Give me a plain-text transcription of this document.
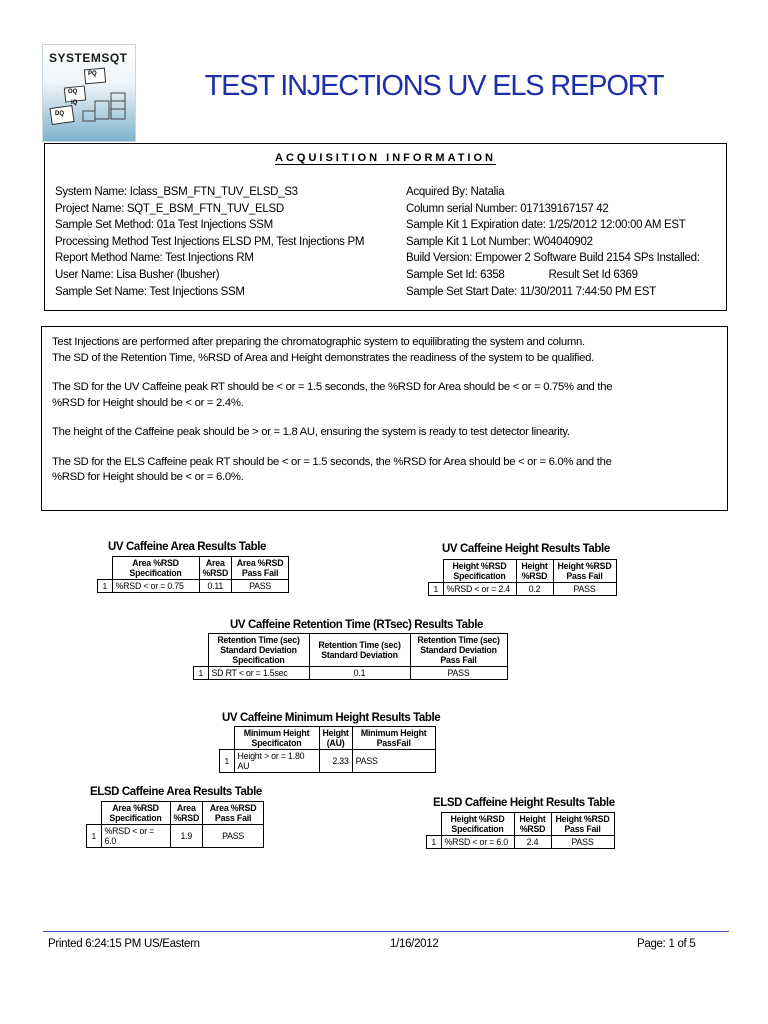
SYSTEMSQT
PQ
OQ
IQ
DQ
TEST INJECTIONS UV ELS REPORT
ACQUISITION INFORMATION
System Name: Iclass_BSM_FTN_TUV_ELSD_S3
Project Name: SQT_E_BSM_FTN_TUV_ELSD
Sample Set Method: 01a Test Injections SSM
Processing Method Test Injections ELSD PM, Test Injections PM
Report Method Name: Test Injections RM
User Name: Lisa Busher (lbusher)
Sample Set Name: Test Injections SSM
Acquired By: Natalia
Column serial Number: 017139167157 42
Sample Kit 1 Expiration date: 1/25/2012 12:00:00 AM EST
Sample Kit 1 Lot Number: W04040902
Build Version: Empower 2 Software Build 2154 SPs Installed:
Sample Set Id: 6358	Result Set Id 6369
Sample Set Start Date: 11/30/2011 7:44:50 PM EST

Test Injections are performed after preparing the chromatographic system to equilibrating the system and column.
The SD of the Retention Time, %RSD of Area and Height demonstrates the readiness of the system to be qualified.

The SD for the UV Caffeine peak RT should be < or = 1.5 seconds, the %RSD for Area should be < or = 0.75% and the
%RSD for Height should be < or = 2.4%.

The height of the Caffeine peak should be > or = 1.8 AU, ensuring the system is ready to test detector linearity.

The SD for the ELS Caffeine peak RT should be < or = 1.5 seconds, the %RSD for Area should be < or = 6.0% and the
%RSD for Height should be < or = 6.0%.

UV Caffeine Area Results Table
	Area %RSD Specification	Area %RSD	Area %RSD Pass Fail
1	%RSD < or = 0.75	0.11	PASS
UV Caffeine Height Results Table
	Height %RSD Specification	Height %RSD	Height %RSD Pass Fail
1	%RSD < or = 2.4	0.2	PASS
UV Caffeine Retention Time (RTsec) Results Table
	Retention Time (sec) Standard Deviation Specification	Retention Time (sec) Standard Deviation	Retention Time (sec) Standard Deviation Pass Fail
1	SD RT < or = 1.5sec	0.1	PASS
UV Caffeine Minimum Height Results Table
	Minimum Height Specificaton	Height (AU)	Minimum Height PassFail
1	Height > or = 1.80 AU	2.33	PASS
ELSD Caffeine Area Results Table
	Area %RSD Specification	Area %RSD	Area %RSD Pass Fail
1	%RSD < or = 6.0	1.9	PASS
ELSD Caffeine Height Results Table
	Height %RSD Specification	Height %RSD	Height %RSD Pass Fail
1	%RSD < or = 6.0	2.4	PASS
Printed 6:24:15 PM US/Eastern	1/16/2012	Page: 1 of 5
